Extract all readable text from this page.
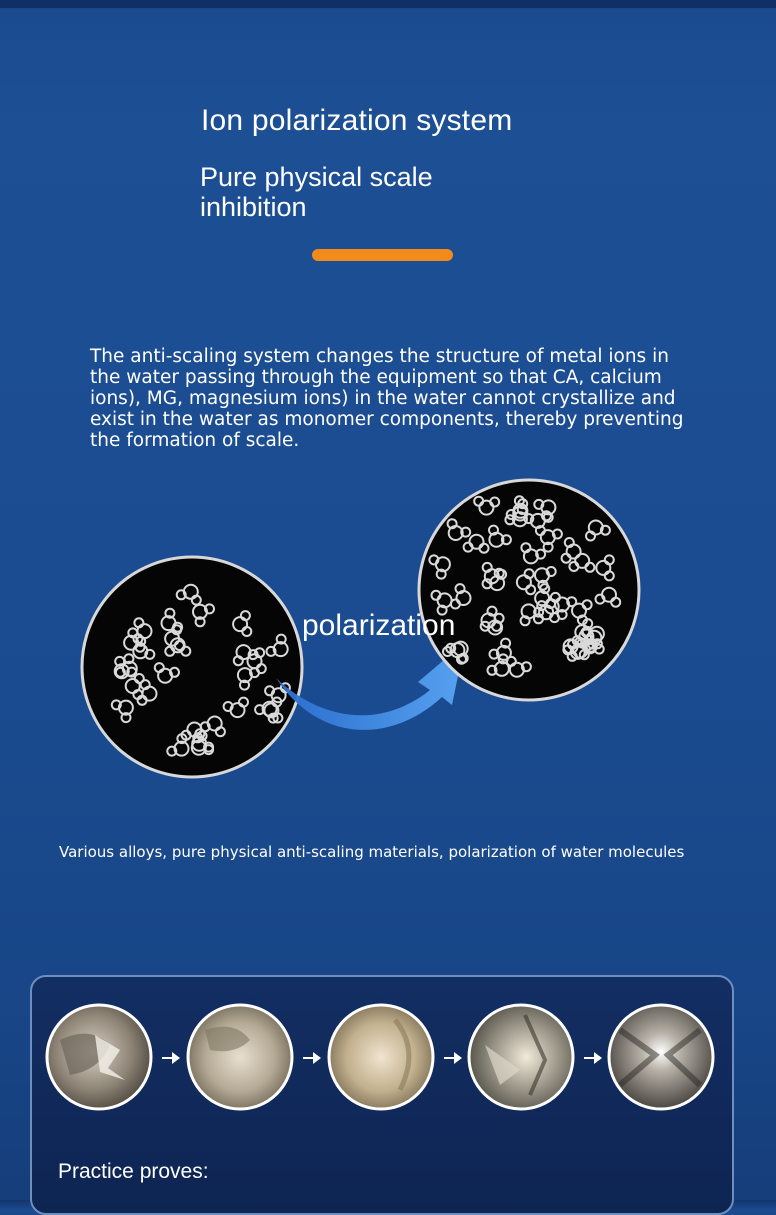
Ion polarization system
Pure physical scale inhibition
The anti-scaling system changes the structure of metal ions in the water passing through the equipment so that CA, calcium ions), MG, magnesium ions) in the water cannot crystallize and exist in the water as monomer components, thereby preventing the formation of scale.
polarization
Various alloys, pure physical anti-scaling materials, polarization of water molecules
Practice proves:
